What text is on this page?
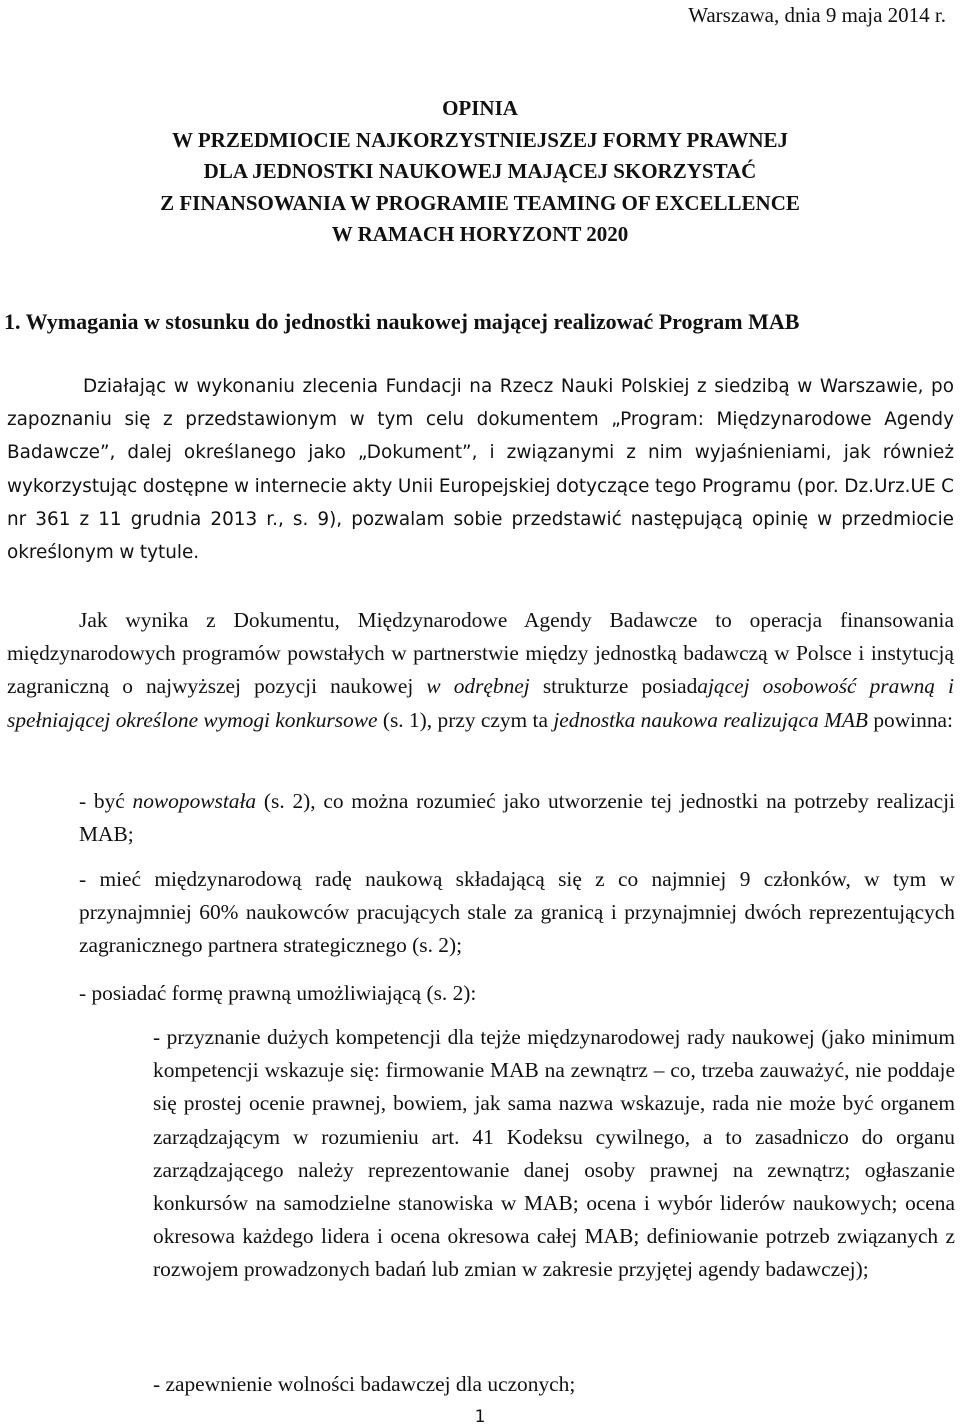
Warszawa, dnia 9 maja 2014 r.
OPINIA
W PRZEDMIOCIE NAJKORZYSTNIEJSZEJ FORMY PRAWNEJ
DLA JEDNOSTKI NAUKOWEJ MAJĄCEJ SKORZYSTAĆ
Z FINANSOWANIA W PROGRAMIE TEAMING OF EXCELLENCE
W RAMACH HORYZONT 2020
1. Wymagania w stosunku do jednostki naukowej mającej realizować Program MAB

Działając w wykonaniu zlecenia Fundacji na Rzecz Nauki Polskiej z siedzibą w Warszawie, po zapoznaniu się z przedstawionym w tym celu dokumentem „Program: Międzynarodowe Agendy Badawcze”, dalej określanego jako „Dokument”, i związanymi z nim wyjaśnieniami, jak również wykorzystując dostępne w internecie akty Unii Europejskiej dotyczące tego Programu (por. Dz.Urz.UE C nr 361 z 11 grudnia 2013 r., s. 9), pozwalam sobie przedstawić następującą opinię w przedmiocie określonym w tytule.

Jak wynika z Dokumentu, Międzynarodowe Agendy Badawcze to operacja finansowania międzynarodowych programów powstałych w partnerstwie między jednostką badawczą w Polsce i instytucją zagraniczną o najwyższej pozycji naukowej w odrębnej strukturze posiadającej osobowość prawną i spełniającej określone wymogi konkursowe (s. 1), przy czym ta jednostka naukowa realizująca MAB powinna:

- być nowopowstała (s. 2), co można rozumieć jako utworzenie tej jednostki na potrzeby realizacji MAB;

- mieć międzynarodową radę naukową składającą się z co najmniej 9 członków, w tym w przynajmniej 60% naukowców pracujących stale za granicą i przynajmniej dwóch reprezentujących zagranicznego partnera strategicznego (s. 2);

- posiadać formę prawną umożliwiającą (s. 2):

- przyznanie dużych kompetencji dla tejże międzynarodowej rady naukowej (jako minimum kompetencji wskazuje się: firmowanie MAB na zewnątrz – co, trzeba zauważyć, nie poddaje się prostej ocenie prawnej, bowiem, jak sama nazwa wskazuje, rada nie może być organem zarządzającym w rozumieniu art. 41 Kodeksu cywilnego, a to zasadniczo do organu zarządzającego należy reprezentowanie danej osoby prawnej na zewnątrz; ogłaszanie konkursów na samodzielne stanowiska w MAB; ocena i wybór liderów naukowych; ocena okresowa każdego lidera i ocena okresowa całej MAB; definiowanie potrzeb związanych z rozwojem prowadzonych badań lub zmian w zakresie przyjętej agendy badawczej);

- zapewnienie wolności badawczej dla uczonych;

1
